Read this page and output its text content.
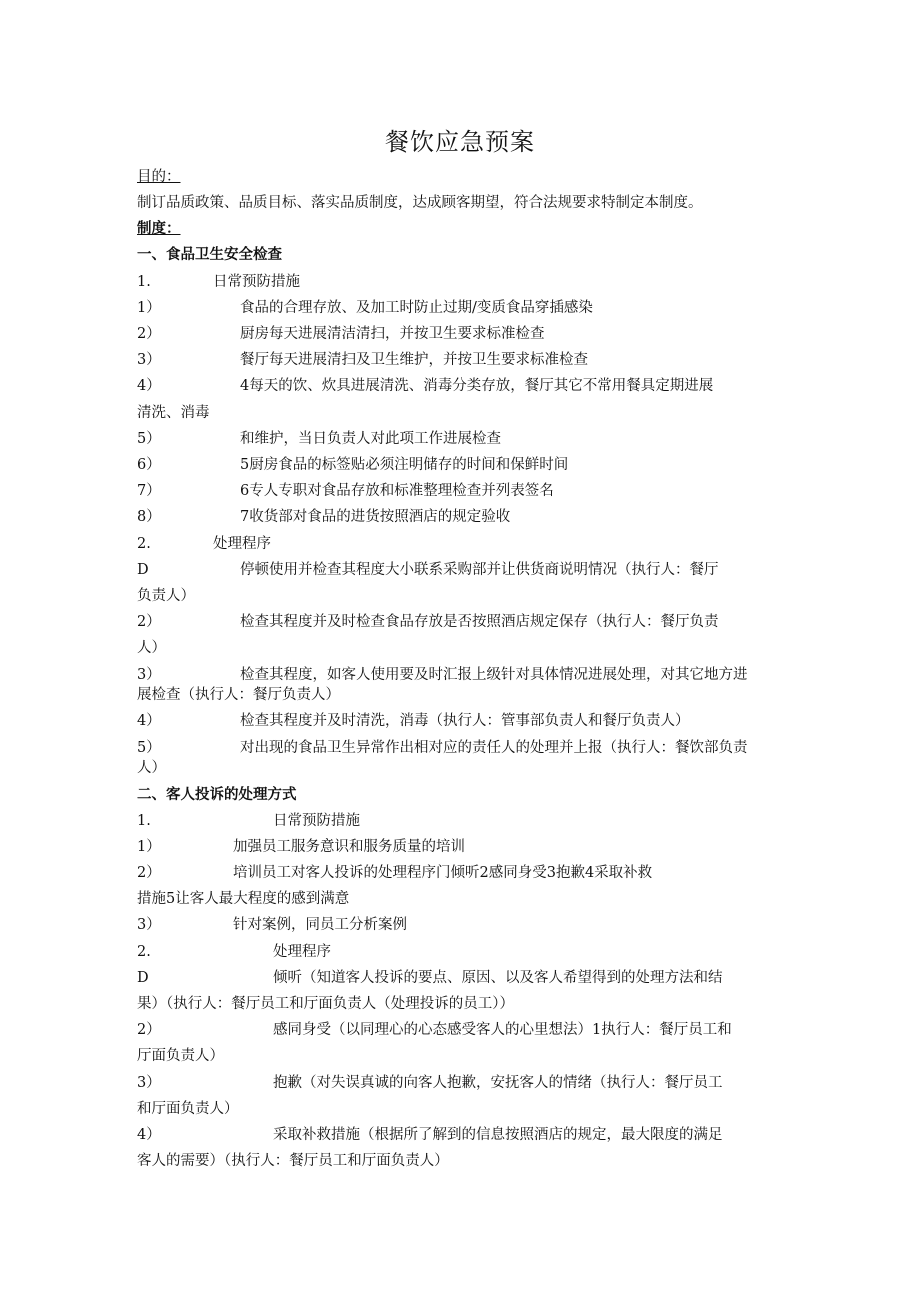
餐饮应急预案
目的：
制订品质政策、品质目标、落实品质制度，达成顾客期望，符合法规要求特制定本制度。
制度：
一、食品卫生安全检查
1.	日常预防措施
1）	食品的合理存放、及加工时防止过期/变质食品穿插感染
2）	厨房每天进展清洁清扫，并按卫生要求标准检查
3）	餐厅每天进展清扫及卫生维护，并按卫生要求标准检查
4）	4每天的饮、炊具进展清洗、消毒分类存放，餐厅其它不常用餐具定期进展
清洗、消毒
5）	和维护，当日负责人对此项工作进展检查
6）	5厨房食品的标签贴必须注明储存的时间和保鲜时间
7）	6专人专职对食品存放和标准整理检查并列表签名
8）	7收货部对食品的进货按照酒店的规定验收
2.	处理程序
D	停顿使用并检查其程度大小联系采购部并让供货商说明情况（执行人：餐厅
负责人）
2）	检查其程度并及时检查食品存放是否按照酒店规定保存（执行人：餐厅负责
人）
3）	检查其程度，如客人使用要及时汇报上级针对具体情况进展处理，对其它地方进
展检查（执行人：餐厅负责人）
4）	检查其程度并及时清洗，消毒（执行人：管事部负责人和餐厅负责人）
5）	对出现的食品卫生异常作出相对应的责任人的处理并上报（执行人：餐饮部负责
人）
二、客人投诉的处理方式
1.	日常预防措施
1）	加强员工服务意识和服务质量的培训
2）	培训员工对客人投诉的处理程序门倾听2感同身受3抱歉4采取补救
措施5让客人最大程度的感到满意
3）	针对案例，同员工分析案例
2.	处理程序
D	倾听（知道客人投诉的要点、原因、以及客人希望得到的处理方法和结
果）（执行人：餐厅员工和厅面负责人（处理投诉的员工））
2）	感同身受（以同理心的心态感受客人的心里想法）1执行人：餐厅员工和
厅面负责人）
3）	抱歉（对失误真诚的向客人抱歉，安抚客人的情绪（执行人：餐厅员工
和厅面负责人）
4）	采取补救措施（根据所了解到的信息按照酒店的规定，最大限度的满足
客人的需要）（执行人：餐厅员工和厅面负责人）
